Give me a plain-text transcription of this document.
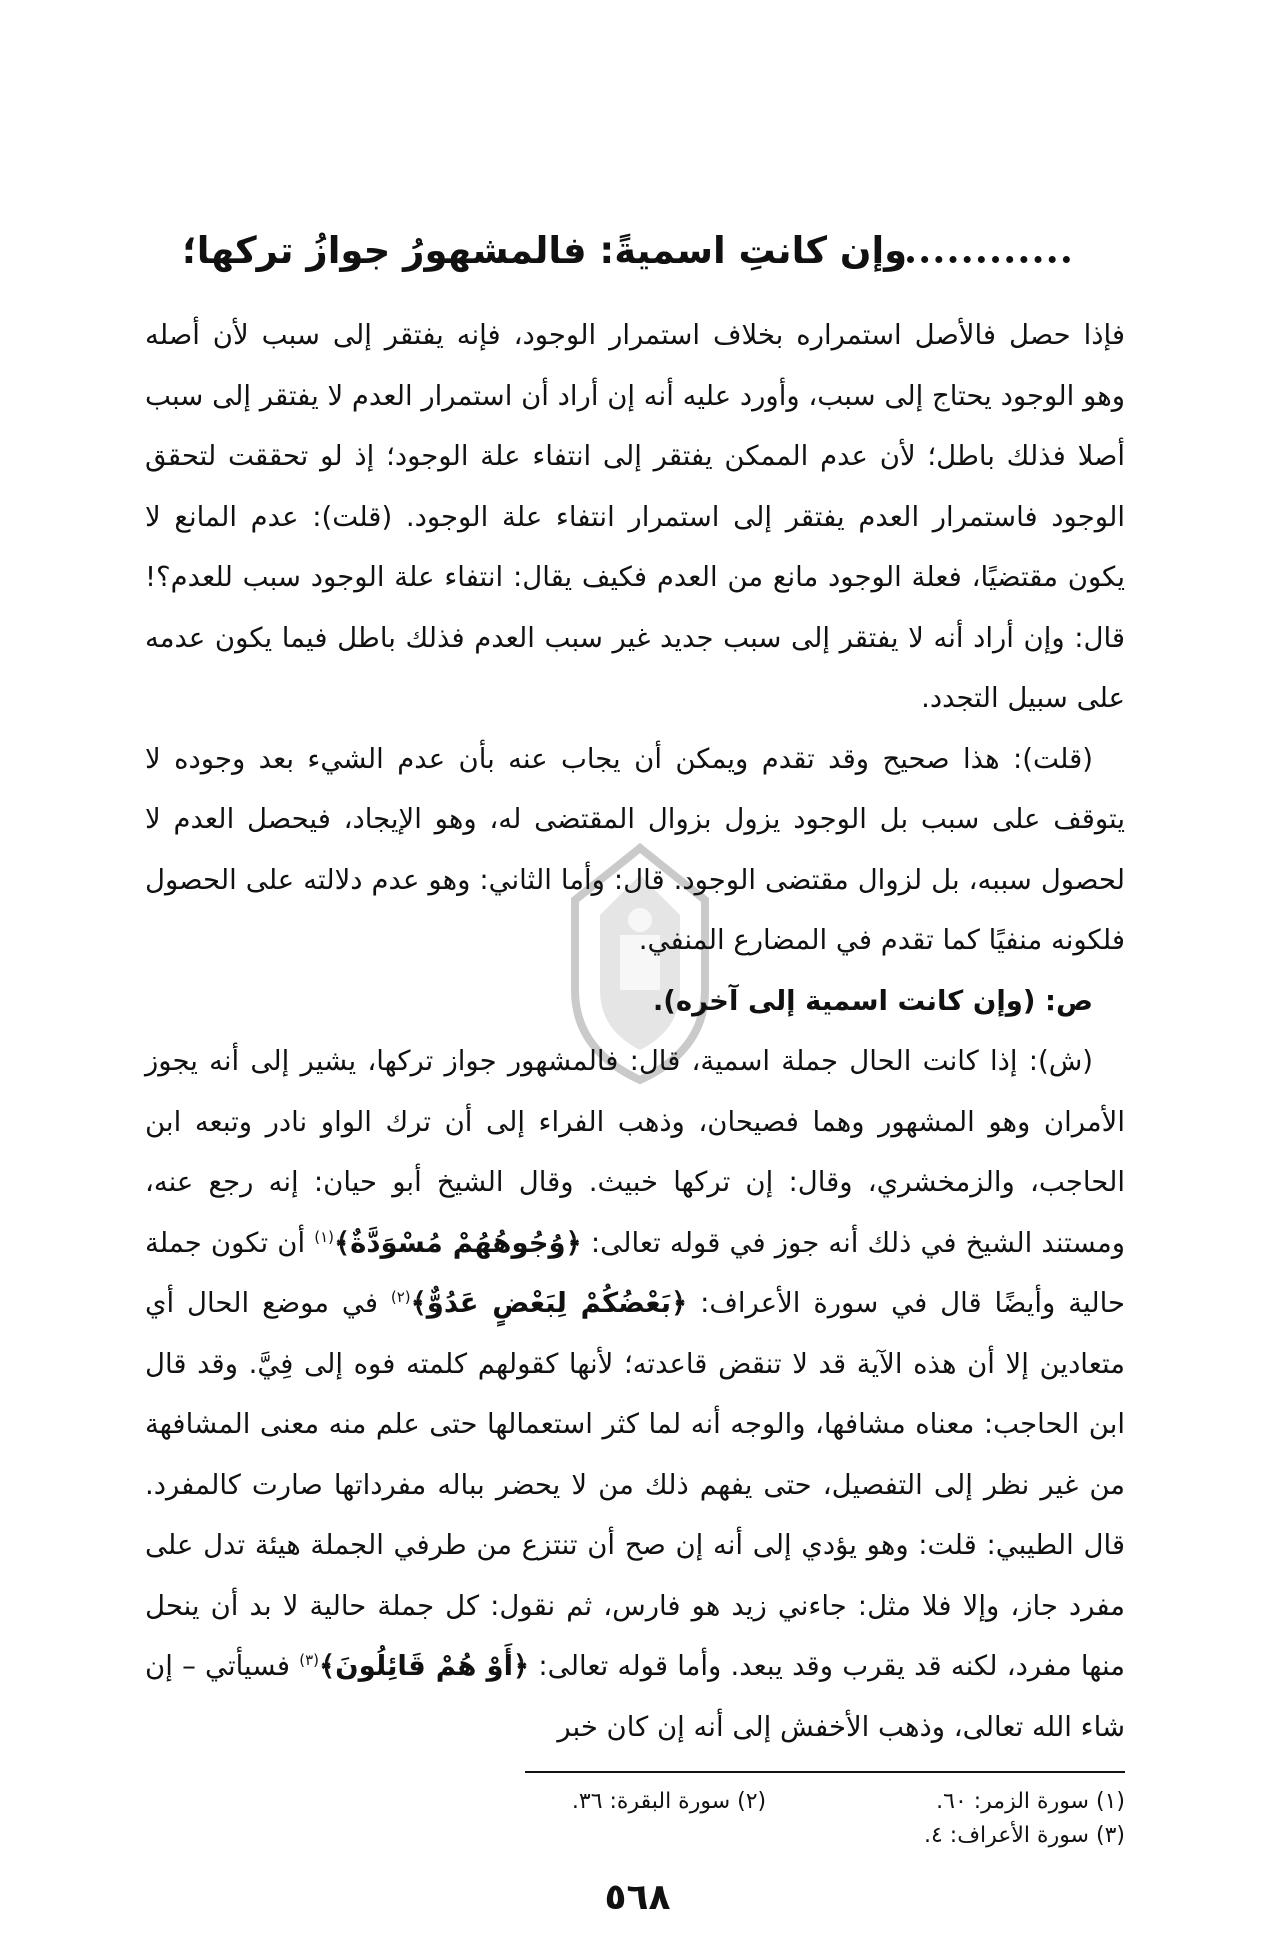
وإن كانتِ اسميةً: فالمشهورُ جوازُ تركها؛

فإذا حصل فالأصل استمراره بخلاف استمرار الوجود، فإنه يفتقر إلى سبب لأن أصله وهو الوجود يحتاج إلى سبب، وأورد عليه أنه إن أراد أن استمرار العدم لا يفتقر إلى سبب أصلا فذلك باطل؛ لأن عدم الممكن يفتقر إلى انتفاء علة الوجود؛ إذ لو تحققت لتحقق الوجود فاستمرار العدم يفتقر إلى استمرار انتفاء علة الوجود. (قلت): عدم المانع لا يكون مقتضيًا، فعلة الوجود مانع من العدم فكيف يقال: انتفاء علة الوجود سبب للعدم؟! قال: وإن أراد أنه لا يفتقر إلى سبب جديد غير سبب العدم فذلك باطل فيما يكون عدمه على سبيل التجدد.

(قلت): هذا صحيح وقد تقدم ويمكن أن يجاب عنه بأن عدم الشيء بعد وجوده لا يتوقف على سبب بل الوجود يزول بزوال المقتضى له، وهو الإيجاد، فيحصل العدم لا لحصول سببه، بل لزوال مقتضى الوجود. قال: وأما الثاني: وهو عدم دلالته على الحصول فلكونه منفيًا كما تقدم في المضارع المنفي.

ص: (وإن كانت اسمية إلى آخره).

(ش): إذا كانت الحال جملة اسمية، قال: فالمشهور جواز تركها، يشير إلى أنه يجوز الأمران وهو المشهور وهما فصيحان، وذهب الفراء إلى أن ترك الواو نادر وتبعه ابن الحاجب، والزمخشري، وقال: إن تركها خبيث. وقال الشيخ أبو حيان: إنه رجع عنه، ومستند الشيخ في ذلك أنه جوز في قوله تعالى: ﴿وُجُوهُهُمْ مُسْوَدَّةٌ﴾$^{(١)}$ أن تكون جملة حالية وأيضًا قال في سورة الأعراف: ﴿بَعْضُكُمْ لِبَعْضٍ عَدُوٌّ﴾$^{(٢)}$ في موضع الحال أي متعادين إلا أن هذه الآية قد لا تنقض قاعدته؛ لأنها كقولهم كلمته فوه إلى فِيَّ. وقد قال ابن الحاجب: معناه مشافها، والوجه أنه لما كثر استعمالها حتى علم منه معنى المشافهة من غير نظر إلى التفصيل، حتى يفهم ذلك من لا يحضر بباله مفرداتها صارت كالمفرد. قال الطيبي: قلت: وهو يؤدي إلى أنه إن صح أن تنتزع من طرفي الجملة هيئة تدل على مفرد جاز، وإلا فلا مثل: جاءني زيد هو فارس، ثم نقول: كل جملة حالية لا بد أن ينحل منها مفرد، لكنه قد يقرب وقد يبعد. وأما قوله تعالى: ﴿أَوْ هُمْ قَائِلُونَ﴾$^{(٣)}$ فسيأتي – إن شاء الله تعالى، وذهب الأخفش إلى أنه إن كان خبر

(١) سورة الزمر: ٦٠.
(٢) سورة البقرة: ٣٦.
(٣) سورة الأعراف: ٤.
٥٦٨
